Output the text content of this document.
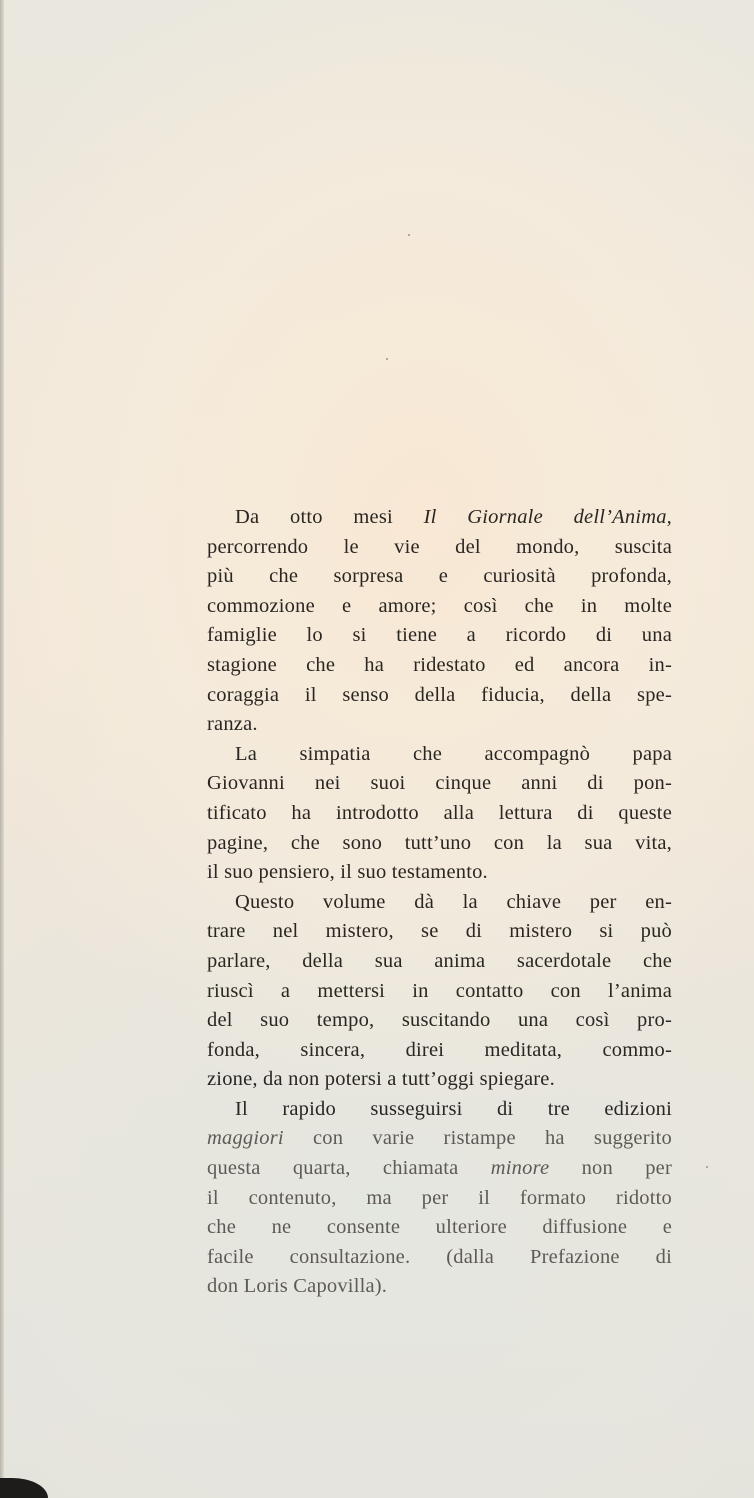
Da otto mesi Il Giornale dell’Anima,
percorrendo le vie del mondo, suscita
più che sorpresa e curiosità profonda,
commozione e amore; così che in molte
famiglie lo si tiene a ricordo di una
stagione che ha ridestato ed ancora in-
coraggia il senso della fiducia, della spe-
ranza.
La simpatia che accompagnò papa
Giovanni nei suoi cinque anni di pon-
tificato ha introdotto alla lettura di queste
pagine, che sono tutt’uno con la sua vita,
il suo pensiero, il suo testamento.
Questo volume dà la chiave per en-
trare nel mistero, se di mistero si può
parlare, della sua anima sacerdotale che
riuscì a mettersi in contatto con l’anima
del suo tempo, suscitando una così pro-
fonda, sincera, direi meditata, commo-
zione, da non potersi a tutt’oggi spiegare.
Il rapido susseguirsi di tre edizioni
maggiori con varie ristampe ha suggerito
questa quarta, chiamata minore non per
il contenuto, ma per il formato ridotto
che ne consente ulteriore diffusione e
facile consultazione. (dalla Prefazione di
don Loris Capovilla).
